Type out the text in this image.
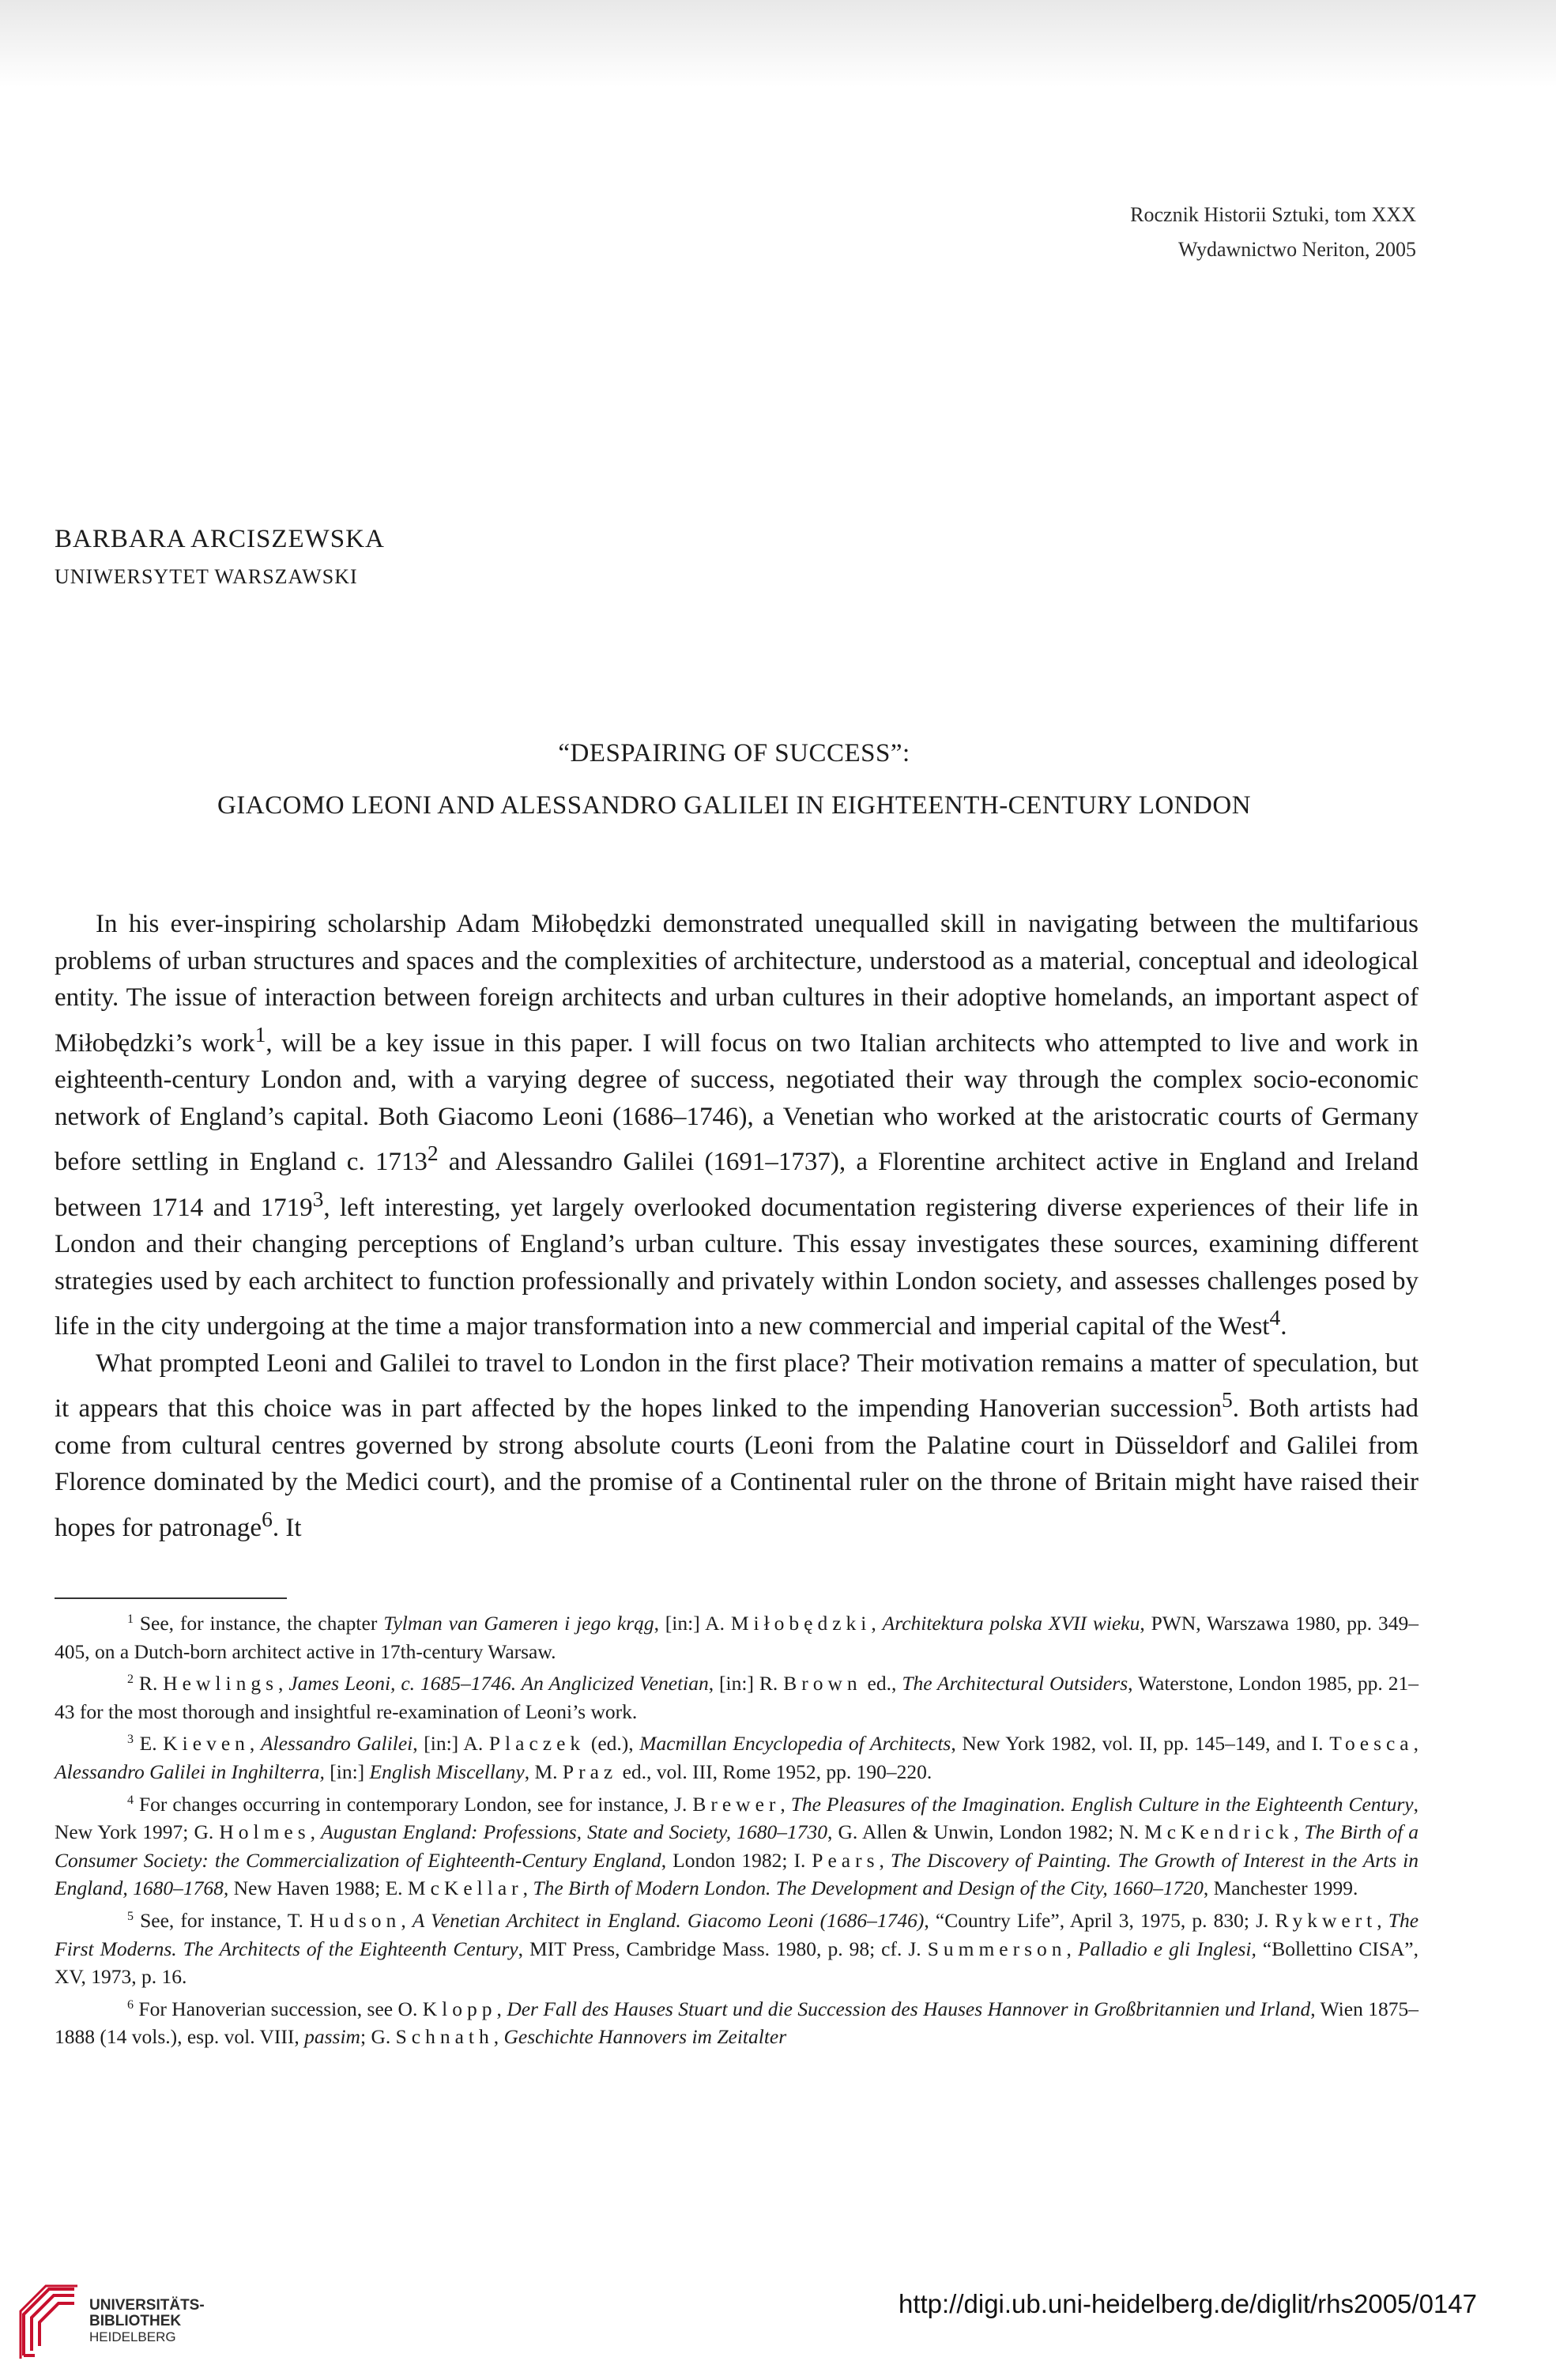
Rocznik Historii Sztuki, tom XXX
Wydawnictwo Neriton, 2005
BARBARA ARCISZEWSKA
UNIWERSYTET WARSZAWSKI
“DESPAIRING OF SUCCESS”:
GIACOMO LEONI AND ALESSANDRO GALILEI IN EIGHTEENTH-CENTURY LONDON

In his ever-inspiring scholarship Adam Miłobędzki demonstrated unequalled skill in navigating between the multifarious problems of urban structures and spaces and the complexities of architecture, understood as a material, conceptual and ideological entity. The issue of interaction between foreign architects and urban cultures in their adoptive homelands, an important aspect of Miłobędzki’s work$^1$, will be a key issue in this paper. I will focus on two Italian architects who attempted to live and work in eighteenth-century London and, with a varying degree of success, negotiated their way through the complex socio-economic network of England’s capital. Both Giacomo Leoni (1686–1746), a Venetian who worked at the aristocratic courts of Germany before settling in England c. 1713$^2$ and Alessandro Galilei (1691–1737), a Florentine architect active in England and Ireland between 1714 and 1719$^3$, left interesting, yet largely overlooked documentation registering diverse experiences of their life in London and their changing perceptions of England’s urban culture. This essay investigates these sources, examining different strategies used by each architect to function professionally and privately within London society, and assesses challenges posed by life in the city undergoing at the time a major transformation into a new commercial and imperial capital of the West$^4$.

What prompted Leoni and Galilei to travel to London in the first place? Their motivation remains a matter of speculation, but it appears that this choice was in part affected by the hopes linked to the impending Hanoverian succession$^5$. Both artists had come from cultural centres governed by strong absolute courts (Leoni from the Palatine court in Düsseldorf and Galilei from Florence dominated by the Medici court), and the promise of a Continental ruler on the throne of Britain might have raised their hopes for patronage$^6$. It

$^1$ See, for instance, the chapter Tylman van Gameren i jego krąg, [in:] A. Miłobędzki, Architektura polska XVII wieku, PWN, Warszawa 1980, pp. 349–405, on a Dutch-born architect active in 17th-century Warsaw.

$^2$ R. Hewlings, James Leoni, c. 1685–1746. An Anglicized Venetian, [in:] R. Brown ed., The Architectural Outsiders, Waterstone, London 1985, pp. 21–43 for the most thorough and insightful re-examination of Leoni’s work.

$^3$ E. Kieven, Alessandro Galilei, [in:] A. Placzek (ed.), Macmillan Encyclopedia of Architects, New York 1982, vol. II, pp. 145–149, and I. Toesca, Alessandro Galilei in Inghilterra, [in:] English Miscellany, M. Praz ed., vol. III, Rome 1952, pp. 190–220.

$^4$ For changes occurring in contemporary London, see for instance, J. Brewer, The Pleasures of the Imagination. English Culture in the Eighteenth Century, New York 1997; G. Holmes, Augustan England: Professions, State and Society, 1680–1730, G. Allen & Unwin, London 1982; N. McKendrick, The Birth of a Consumer Society: the Commercialization of Eighteenth-Century England, London 1982; I. Pears, The Discovery of Painting. The Growth of Interest in the Arts in England, 1680–1768, New Haven 1988; E. McKellar, The Birth of Modern London. The Development and Design of the City, 1660–1720, Manchester 1999.

$^5$ See, for instance, T. Hudson, A Venetian Architect in England. Giacomo Leoni (1686–1746), “Country Life”, April 3, 1975, p. 830; J. Rykwert, The First Moderns. The Architects of the Eighteenth Century, MIT Press, Cambridge Mass. 1980, p. 98; cf. J. Summerson, Palladio e gli Inglesi, “Bollettino CISA”, XV, 1973, p. 16.

$^6$ For Hanoverian succession, see O. Klopp, Der Fall des Hauses Stuart und die Succession des Hauses Hannover in Großbritannien und Irland, Wien 1875–1888 (14 vols.), esp. vol. VIII, passim; G. Schnath, Geschichte Hannovers im Zeitalter

UNIVERSITÄTS-
BIBLIOTHEK
HEIDELBERG
http://digi.ub.uni-heidelberg.de/diglit/rhs2005/0147
